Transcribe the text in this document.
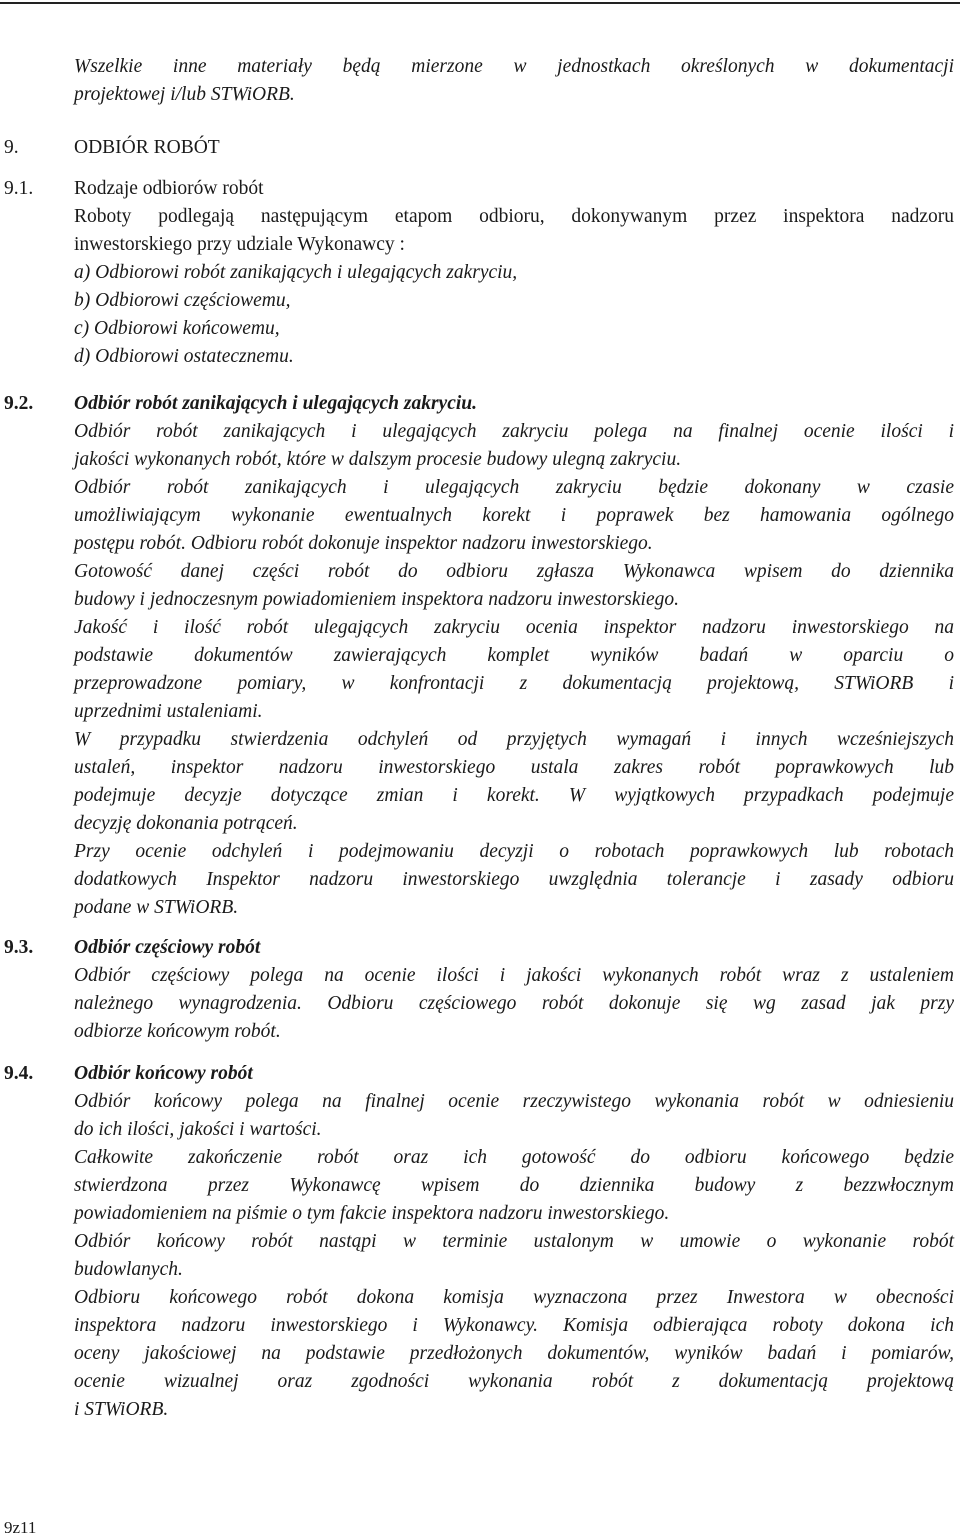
Wszelkie inne materiały będą mierzone w jednostkach określonych w dokumentacji
projektowej i/lub STWiORB.
9.	ODBIÓR ROBÓT
9.1. Rodzaje odbiorów robót
Roboty podlegają następującym etapom odbioru, dokonywanym przez inspektora nadzoru
inwestorskiego przy udziale Wykonawcy :
a) Odbiorowi robót zanikających i ulegających zakryciu,
b) Odbiorowi częściowemu,
c) Odbiorowi końcowemu,
d) Odbiorowi ostatecznemu.
9.2. Odbiór robót zanikających i ulegających zakryciu.
Odbiór robót zanikających i ulegających zakryciu polega na finalnej ocenie ilości i
jakości wykonanych robót, które w dalszym procesie budowy ulegną zakryciu.
Odbiór robót zanikających i ulegających zakryciu będzie dokonany w czasie
umożliwiającym wykonanie ewentualnych korekt i poprawek bez hamowania ogólnego
postępu robót. Odbioru robót dokonuje inspektor nadzoru inwestorskiego.
Gotowość danej części robót do odbioru zgłasza Wykonawca wpisem do dziennika
budowy i jednoczesnym powiadomieniem inspektora nadzoru inwestorskiego.
Jakość i ilość robót ulegających zakryciu ocenia inspektor nadzoru inwestorskiego na
podstawie dokumentów zawierających komplet wyników badań w oparciu o
przeprowadzone pomiary, w konfrontacji z dokumentacją projektową, STWiORB i
uprzednimi ustaleniami.
W przypadku stwierdzenia odchyleń od przyjętych wymagań i innych wcześniejszych
ustaleń, inspektor nadzoru inwestorskiego ustala zakres robót poprawkowych lub
podejmuje decyzje dotyczące zmian i korekt. W wyjątkowych przypadkach podejmuje
decyzję dokonania potrąceń.
Przy ocenie odchyleń i podejmowaniu decyzji o robotach poprawkowych lub robotach
dodatkowych Inspektor nadzoru inwestorskiego uwzględnia tolerancje i zasady odbioru
podane w STWiORB.
9.3. Odbiór częściowy robót
Odbiór częściowy polega na ocenie ilości i jakości wykonanych robót wraz z ustaleniem
należnego wynagrodzenia. Odbioru częściowego robót dokonuje się wg zasad jak przy
odbiorze końcowym robót.
9.4. Odbiór końcowy robót
Odbiór końcowy polega na finalnej ocenie rzeczywistego wykonania robót w odniesieniu
do ich ilości, jakości i wartości.
Całkowite zakończenie robót oraz ich gotowość do odbioru końcowego będzie
stwierdzona przez Wykonawcę wpisem do dziennika budowy z bezzwłocznym
powiadomieniem na piśmie o tym fakcie inspektora nadzoru inwestorskiego.
Odbiór końcowy robót nastąpi w terminie ustalonym w umowie o wykonanie robót
budowlanych.
Odbioru końcowego robót dokona komisja wyznaczona przez Inwestora w obecności
inspektora nadzoru inwestorskiego i Wykonawcy. Komisja odbierająca roboty dokona ich
oceny jakościowej na podstawie przedłożonych dokumentów, wyników badań i pomiarów,
ocenie wizualnej oraz zgodności wykonania robót z dokumentacją projektową
i STWiORB.
9z11
